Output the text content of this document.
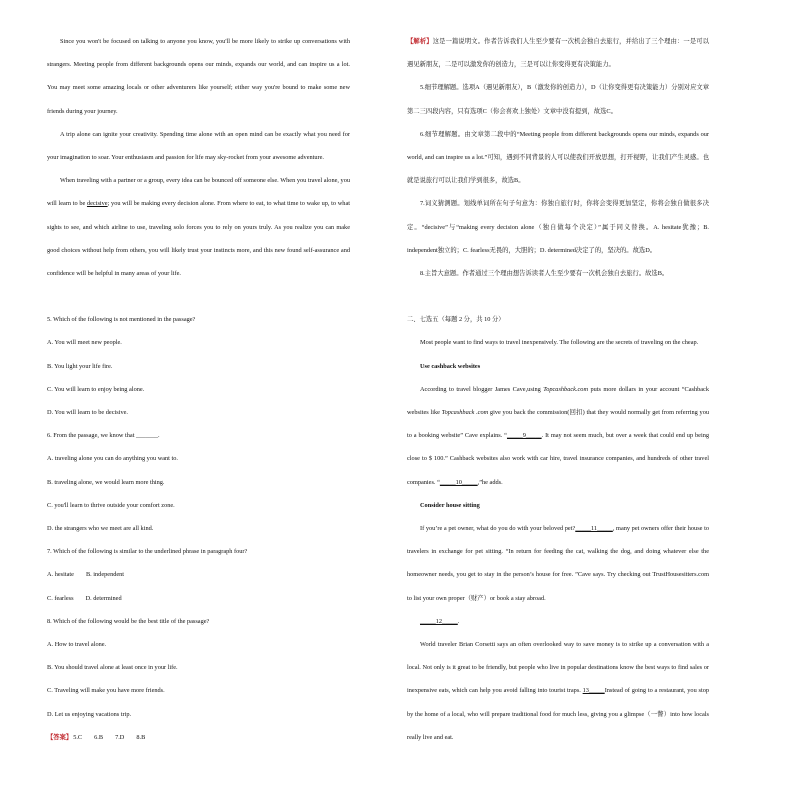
Since you won't be focused on talking to anyone you know, you'll be more likely to strike up conversations with strangers. Meeting people from different backgrounds opens our minds, expands our world, and can inspire us a lot. You may meet some amazing locals or other adventurers like yourself; either way you're bound to make some new friends during your journey.

A trip alone can ignite your creativity. Spending time alone with an open mind can be exactly what you need for your imagination to soar. Your enthusiasm and passion for life may sky-rocket from your awesome adventure.

When traveling with a partner or a group, every idea can be bounced off someone else. When you travel alone, you will learn to be decisive; you will be making every decision alone. From where to eat, to what time to wake up, to what sights to see, and which airline to use, traveling solo forces you to rely on yours truly. As you realize you can make good choices without help from others, you will likely trust your instincts more, and this new found self-assurance and confidence will be helpful in many areas of your life.

5. Which of the following is not mentioned in the passage?

A. You will meet new people.

B. You light your life fire.

C. You will learn to enjoy being alone.

D. You will learn to be decisive.

6. From the passage, we know that _______.

A. traveling alone you can do anything you want to.

B. traveling alone, we would learn more thing.

C. you'll learn to thrive outside your comfort zone.

D. the strangers who we meet are all kind.

7. Which of the following is similar to the underlined phrase in paragraph four?

A. hesitate B. independent

C. fearless D. determined

8. Which of the following would be the best title of the passage?

A. How to travel alone.

B. You should travel alone at least once in your life.

C. Traveling will make you have more friends.

D. Let us enjoying vacations trip.

【答案】5.C 6.B 7.D 8.B

【解析】这是一篇说明文。作者告诉我们人生至少要有一次机会独自去旅行，并给出了三个理由：一是可以遇见新朋友，二是可以激发你的创造力，三是可以让你变得更有决策能力。

5.细节理解题。选项A（遇见新朋友），B（激发你的创造力），D（让你变得更有决策能力）分别对应文章第二三四段内容，只有选项C（你会喜欢上独处）文章中没有提到，故选C。

6.细节理解题。由文章第二段中的“Meeting people from different backgrounds opens our minds, expands our world, and can inspire us a lot.”可知，遇到不同背景的人可以使我们开放思想，打开视野，让我们产生灵感。也就是说旅行可以让我们学到很多，故选B。

7.词义猜测题。划线单词所在句子句意为：你独自旅行时，你将会变得更加坚定，你将会独自做很多决定。“decisive”与“making every decision alone（独自做每个决定）”属于同义替换。A. hesitate犹豫；B. independent独立的；C. fearless无畏的，大胆的；D. determined决定了的，坚决的。故选D。

8.主旨大意题。作者通过三个理由想告诉读者人生至少要有一次机会独自去旅行。故选B。

二、七选五（每题 2 分，共 10 分）

Most people want to find ways to travel inexpensively. The following are the secrets of traveling on the cheap.

Use cashback websites

According to travel blogger James Cave,using Topcashback.com puts more dollars in your account “Cashback websites like Topcashback .com give you back the commission(回扣) that they would normally get from referring you to a booking website” Cave explains. “_____9_____. It may not seem much, but over a week that could end up being close to $ 100.” Cashback websites also work with car hire, travel insurance companies, and hundreds of other travel companies. “_____10_____,”he adds.

Consider house sitting

If you’re a pet owner, what do you do with your beloved pet?_____11_____, many pet owners offer their house to travelers in exchange for pet sitting. “In return for feeding the cat, walking the dog, and doing whatever else the homeowner needs, you get to stay in the person’s house for free. ”Cave says. Try checking out TrustHousesitters.com to list your own proper（财产）or book a stay abroad.

_____12_____.

World traveler Brian Corsetti says an often overlooked way to save money is to strike up a conversation with a local. Not only is it great to be friendly, but people who live in popular destinations know the best ways to find sales or inexpensive eats, which can help you avoid falling into tourist traps. 13_____Instead of going to a restaurant, you stop by the home of a local, who will prepare traditional food for much less, giving you a glimpse（一瞥）into how locals really live and eat.
